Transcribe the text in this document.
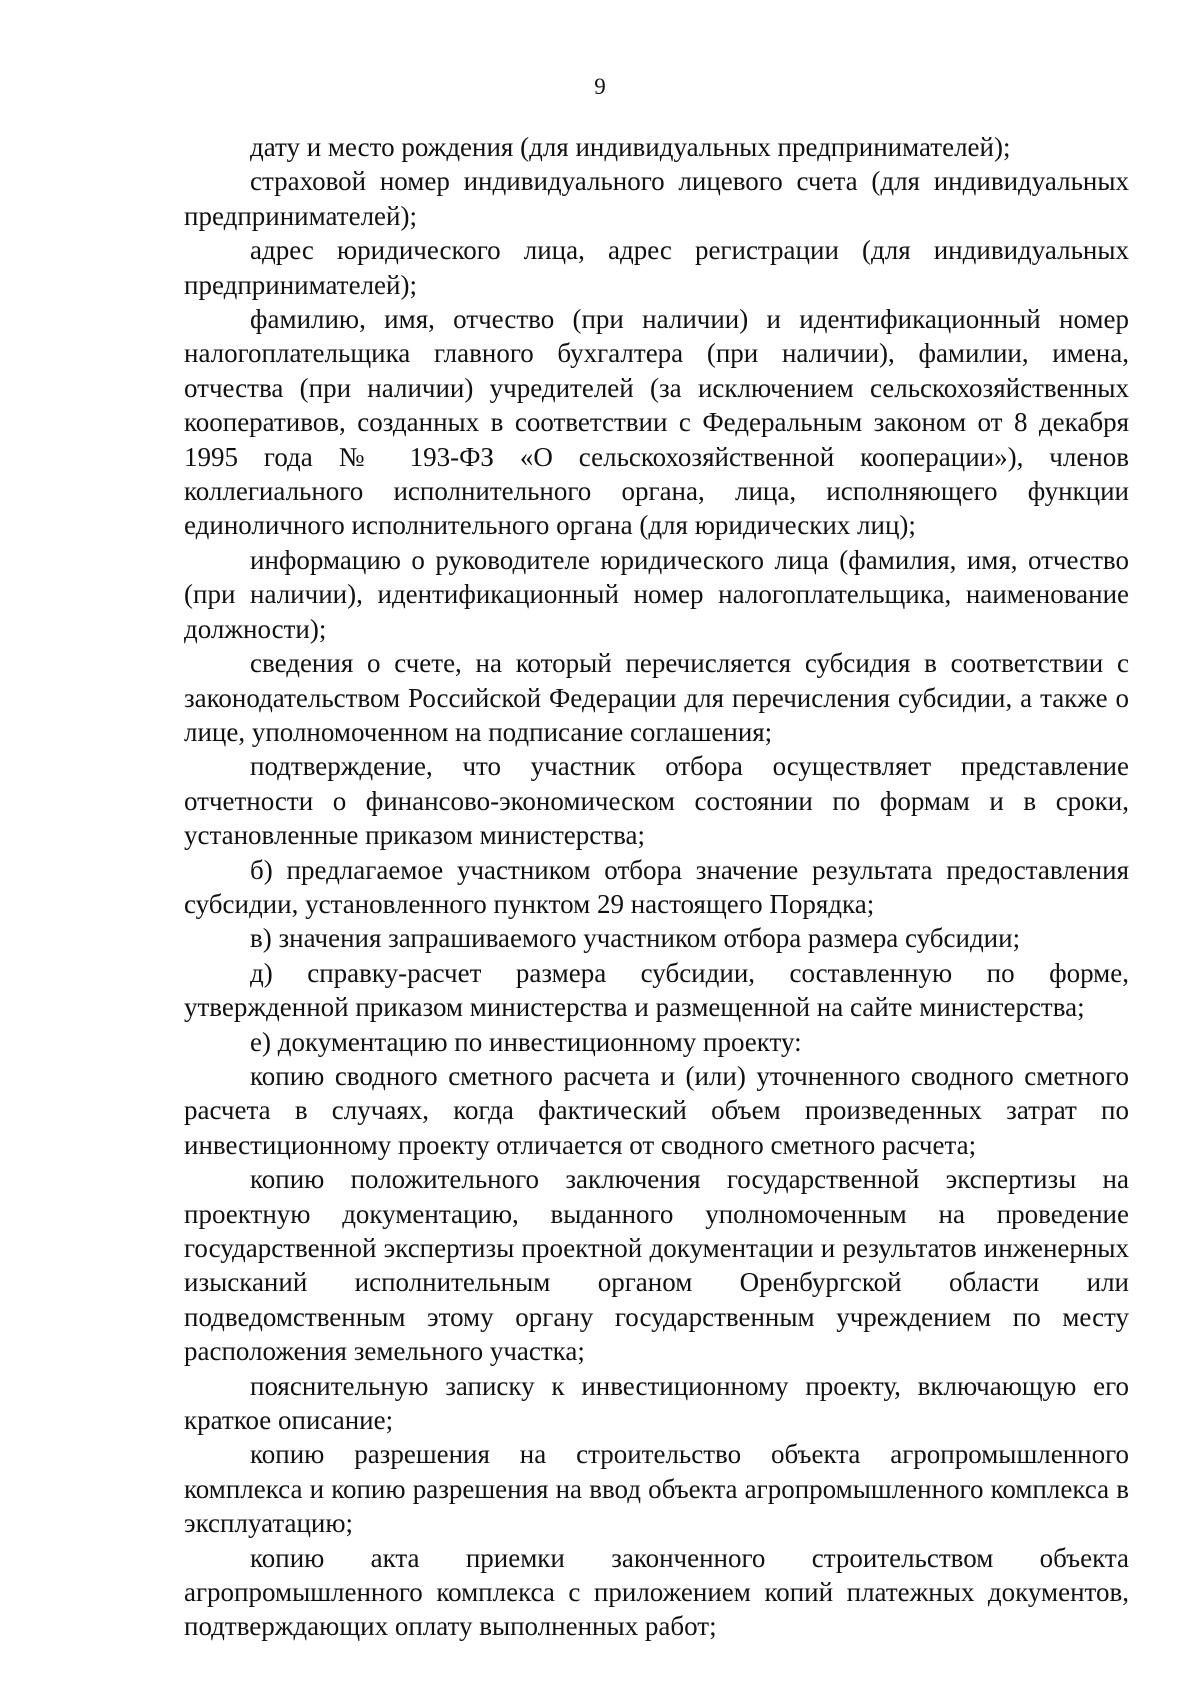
9

дату и место рождения (для индивидуальных предпринимателей);

страховой номер индивидуального лицевого счета (для индивидуальных предпринимателей);

адрес юридического лица, адрес регистрации (для индивидуальных предпринимателей);

фамилию, имя, отчество (при наличии) и идентификационный номер налогоплательщика главного бухгалтера (при наличии), фамилии, имена, отчества (при наличии) учредителей (за исключением сельскохозяйственных кооперативов, созданных в соответствии с Федеральным законом от 8 декабря 1995 года № 193-ФЗ «О сельскохозяйственной кооперации»), членов коллегиального исполнительного органа, лица, исполняющего функции единоличного исполнительного органа (для юридических лиц);

информацию о руководителе юридического лица (фамилия, имя, отчество (при наличии), идентификационный номер налогоплательщика, наименование должности);

сведения о счете, на который перечисляется субсидия в соответствии с законодательством Российской Федерации для перечисления субсидии, а также о лице, уполномоченном на подписание соглашения;

подтверждение, что участник отбора осуществляет представление отчетности о финансово-экономическом состоянии по формам и в сроки, установленные приказом министерства;

б) предлагаемое участником отбора значение результата предоставления субсидии, установленного пунктом 29 настоящего Порядка;

в) значения запрашиваемого участником отбора размера субсидии;

д) справку-расчет размера субсидии, составленную по форме, утвержденной приказом министерства и размещенной на сайте министерства;

е) документацию по инвестиционному проекту:

копию сводного сметного расчета и (или) уточненного сводного сметного расчета в случаях, когда фактический объем произведенных затрат по инвестиционному проекту отличается от сводного сметного расчета;

копию положительного заключения государственной экспертизы на проектную документацию, выданного уполномоченным на проведение государственной экспертизы проектной документации и результатов инженерных изысканий исполнительным органом Оренбургской области или подведомственным этому органу государственным учреждением по месту расположения земельного участка;

пояснительную записку к инвестиционному проекту, включающую его краткое описание;

копию разрешения на строительство объекта агропромышленного комплекса и копию разрешения на ввод объекта агропромышленного комплекса в эксплуатацию;

копию акта приемки законченного строительством объекта агропромышленного комплекса с приложением копий платежных документов, подтверждающих оплату выполненных работ;
